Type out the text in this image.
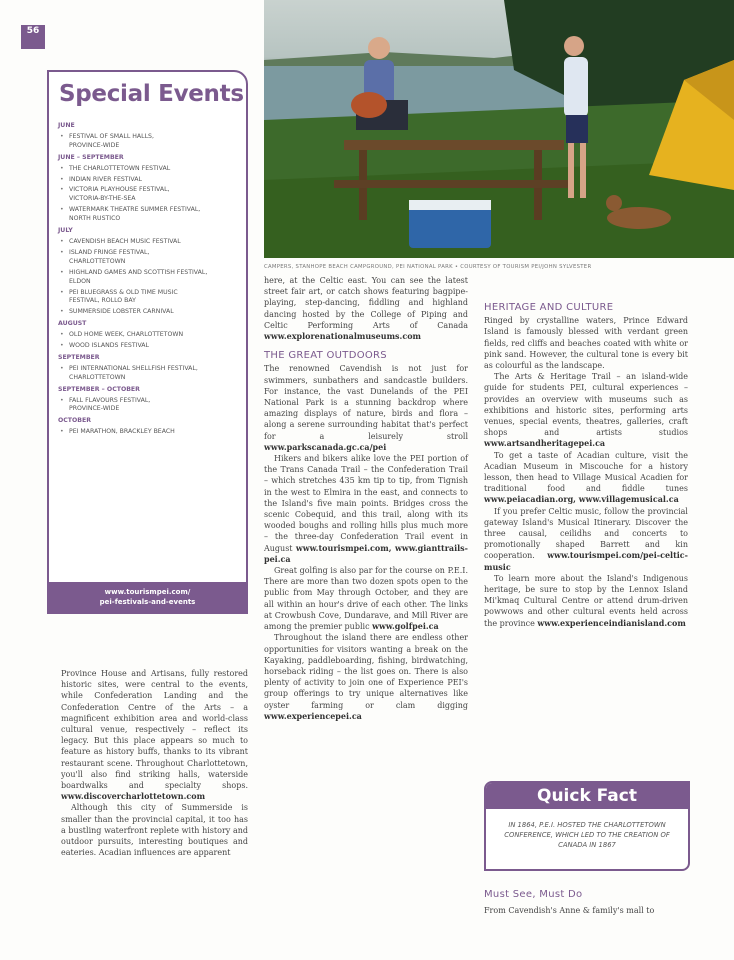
56
CAMPERS, STANHOPE BEACH CAMPGROUND, PEI NATIONAL PARK • COURTESY OF TOURISM PEI/JOHN SYLVESTER
Special Events
JUNE
• FESTIVAL OF SMALL HALLS,
PROVINCE-WIDE
JUNE – SEPTEMBER
• THE CHARLOTTETOWN FESTIVAL
• INDIAN RIVER FESTIVAL
• VICTORIA PLAYHOUSE FESTIVAL,
VICTORIA-BY-THE-SEA
• WATERMARK THEATRE SUMMER FESTIVAL,
NORTH RUSTICO
JULY
• CAVENDISH BEACH MUSIC FESTIVAL
• ISLAND FRINGE FESTIVAL,
CHARLOTTETOWN
• HIGHLAND GAMES AND SCOTTISH FESTIVAL,
ELDON
• PEI BLUEGRASS & OLD TIME MUSIC
FESTIVAL, ROLLO BAY
• SUMMERSIDE LOBSTER CARNIVAL
AUGUST
• OLD HOME WEEK, CHARLOTTETOWN
• WOOD ISLANDS FESTIVAL
SEPTEMBER
• PEI INTERNATIONAL SHELLFISH FESTIVAL,
CHARLOTTETOWN
SEPTEMBER – OCTOBER
• FALL FLAVOURS FESTIVAL,
PROVINCE-WIDE
OCTOBER
• PEI MARATHON, BRACKLEY BEACH
www.tourismpei.com/
pei-festivals-and-events

Province House and Artisans, fully restored historic sites, were central to the events, while Confederation Landing and the Confederation Centre of the Arts – a magnificent exhibition area and world-class cultural venue, respectively – reflect its legacy. But this place appears so much to feature as history buffs, thanks to its vibrant restaurant scene. Throughout Charlottetown, you'll also find striking halls, waterside boardwalks and specialty shops. www.discovercharlottetown.com

Although this city of Summerside is smaller than the provincial capital, it too has a bustling waterfront replete with history and outdoor pursuits, interesting boutiques and eateries. Acadian influences are apparent

here, at the Celtic east. You can see the latest street fair art, or catch shows featuring bagpipe-playing, step-dancing, fiddling and highland dancing hosted by the College of Piping and Celtic Performing Arts of Canada www.explorenationalmuseums.com

THE GREAT OUTDOORS

The renowned Cavendish is not just for swimmers, sunbathers and sandcastle builders. For instance, the vast Dunelands of the PEI National Park is a stunning backdrop where amazing displays of nature, birds and flora – along a serene surrounding habitat that's perfect for a leisurely stroll www.parkscanada.gc.ca/pei

Hikers and bikers alike love the PEI portion of the Trans Canada Trail – the Confederation Trail – which stretches 435 km tip to tip, from Tignish in the west to Elmira in the east, and connects to the Island's five main points. Bridges cross the scenic Cobequid, and this trail, along with its wooded boughs and rolling hills plus much more – the three-day Confederation Trail event in August www.tourismpei.com, www.gianttrails-pei.ca

Great golfing is also par for the course on P.E.I. There are more than two dozen spots open to the public from May through October, and they are all within an hour's drive of each other. The links at Crowbush Cove, Dundarave, and Mill River are among the premier public www.golfpei.ca

Throughout the island there are endless other opportunities for visitors wanting a break on the Kayaking, paddleboarding, fishing, birdwatching, horseback riding – the list goes on. There is also plenty of activity to join one of Experience PEI's group offerings to try unique alternatives like oyster farming or clam digging www.experiencepei.ca

HERITAGE AND CULTURE

Ringed by crystalline waters, Prince Edward Island is famously blessed with verdant green fields, red cliffs and beaches coated with white or pink sand. However, the cultural tone is every bit as colourful as the landscape.

The Arts & Heritage Trail – an island-wide guide for students PEI, cultural experiences – provides an overview with museums such as exhibitions and historic sites, performing arts venues, special events, theatres, galleries, craft shops and artists studios www.artsandheritagepei.ca

To get a taste of Acadian culture, visit the Acadian Museum in Miscouche for a history lesson, then head to Village Musical Acadien for traditional food and fiddle tunes www.peiacadian.org, www.villagemusical.ca

If you prefer Celtic music, follow the provincial gateway Island's Musical Itinerary. Discover the three causal, ceilidhs and concerts to promotionally shaped Barrett and kin cooperation. www.tourismpei.com/pei-celtic-music

To learn more about the Island's Indigenous heritage, be sure to stop by the Lennox Island Mi'kmaq Cultural Centre or attend drum-driven powwows and other cultural events held across the province www.experienceindianisland.com

Quick Fact
IN 1864, P.E.I. HOSTED THE CHARLOTTETOWN CONFERENCE, WHICH LED TO THE CREATION OF CANADA IN 1867
Must See, Must Do
From Cavendish's Anne & family's mall to
